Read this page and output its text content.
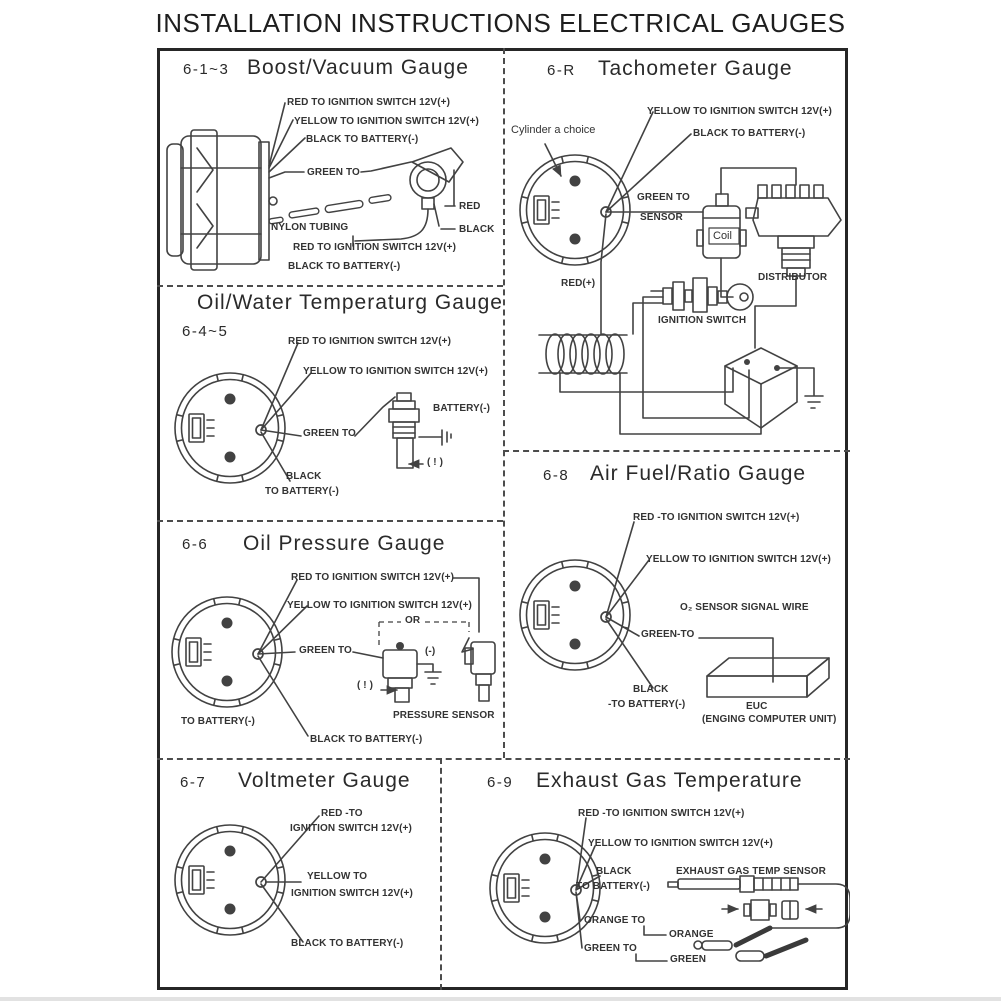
INSTALLATION INSTRUCTIONS ELECTRICAL GAUGES
6-1~3 Boost/Vacuum Gauge
RED TO IGNITION SWITCH 12V(+)
YELLOW TO IGNITION SWITCH 12V(+)
BLACK TO BATTERY(-)
GREEN TO
NYLON TUBING
RED
BLACK
RED TO IGNITION SWITCH 12V(+)
BLACK TO BATTERY(-)
6-R Tachometer Gauge
YELLOW TO IGNITION SWITCH 12V(+)
Cylinder a choice	BLACK TO BATTERY(-)
GREEN TO
SENSOR
Coil
DISTRIBUTOR
RED(+)
IGNITION SWITCH
Oil/Water Temperaturg Gauge
6-4~5
RED TO IGNITION SWITCH 12V(+)
YELLOW TO IGNITION SWITCH 12V(+)
GREEN TO
BATTERY(-)
( ! )
BLACK
TO BATTERY(-)
6-6 Oil Pressure Gauge
RED TO IGNITION SWITCH 12V(+)
YELLOW TO IGNITION SWITCH 12V(+)
OR
GREEN TO	(-)
( ! )
PRESSURE SENSOR
TO BATTERY(-)
BLACK TO BATTERY(-)
6-8 Air Fuel/Ratio Gauge
RED -TO IGNITION SWITCH 12V(+)
YELLOW TO IGNITION SWITCH 12V(+)
O₂ SENSOR SIGNAL WIRE
GREEN-TO
BLACK
-TO BATTERY(-)	EUC
(ENGING COMPUTER UNIT)
6-7 Voltmeter Gauge
RED -TO
IGNITION SWITCH 12V(+)
YELLOW TO
IGNITION SWITCH 12V(+)
BLACK TO BATTERY(-)
6-9 Exhaust Gas Temperature
RED -TO IGNITION SWITCH 12V(+)
YELLOW TO IGNITION SWITCH 12V(+)
BLACK
TO BATTERY(-)
EXHAUST GAS TEMP SENSOR
ORANGE TO
ORANGE
GREEN TO
GREEN
